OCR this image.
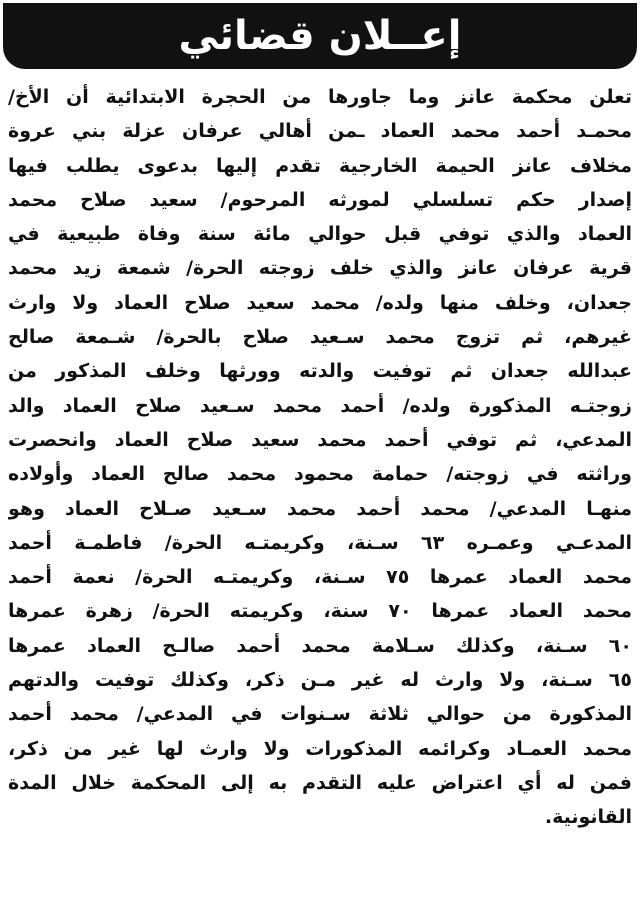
إعــلان قضائي
تعلن محكمة عانز وما جاورها من الحجرة الابتدائية أن الأخ/
محمـد أحمد محمد العماد ـمن أهالي عرفان عزلة بني عروة
مخلاف عانز الحيمة الخارجية تقدم إليها بدعوى يطلب فيها
إصدار حكم تسلسلي لمورثه المرحوم/ سعيد صلاح محمد
العماد والذي توفي قبل حوالي مائة سنة وفاة طبيعية في
قرية عرفان عانز والذي خلف زوجته الحرة/ شمعة زيد محمد
جعدان، وخلف منها ولده/ محمد سعيد صلاح العماد ولا وارث
غيرهم، ثم تزوج محمد سـعيد صلاح بالحرة/ شـمعة صالح
عبدالله جعدان ثم توفيت والدته وورثها وخلف المذكور من
زوجتـه المذكورة ولده/ أحمد محمد سـعيد صلاح العماد والد
المدعي، ثم توفي أحمد محمد سعيد صلاح العماد وانحصرت
وراثته في زوجته/ حمامة محمود محمد صالح العماد وأولاده
منهـا المدعي/ محمد أحمد محمد سـعيد صـلاح العماد وهو
المدعـي وعمـره ٦٣ سـنة، وكريمتـه الحرة/ فاطمـة أحمد
محمد العماد عمرها ٧٥ سـنة، وكريمتـه الحرة/ نعمة أحمد
محمد العماد عمرها ٧٠ سنة، وكريمته الحرة/ زهرة عمرها
٦٠ سـنة، وكذلك سـلامة محمد أحمد صالـح العماد عمرها
٦٥ سـنة، ولا وارث له غير مـن ذكر، وكذلك توفيت والدتهم
المذكورة من حوالي ثلاثة سـنوات في المدعي/ محمد أحمد
محمد العمـاد وكرائمه المذكورات ولا وارث لها غير من ذكر،
فمن له أي اعتراض عليه التقدم به إلى المحكمة خلال المدة
القانونية.
